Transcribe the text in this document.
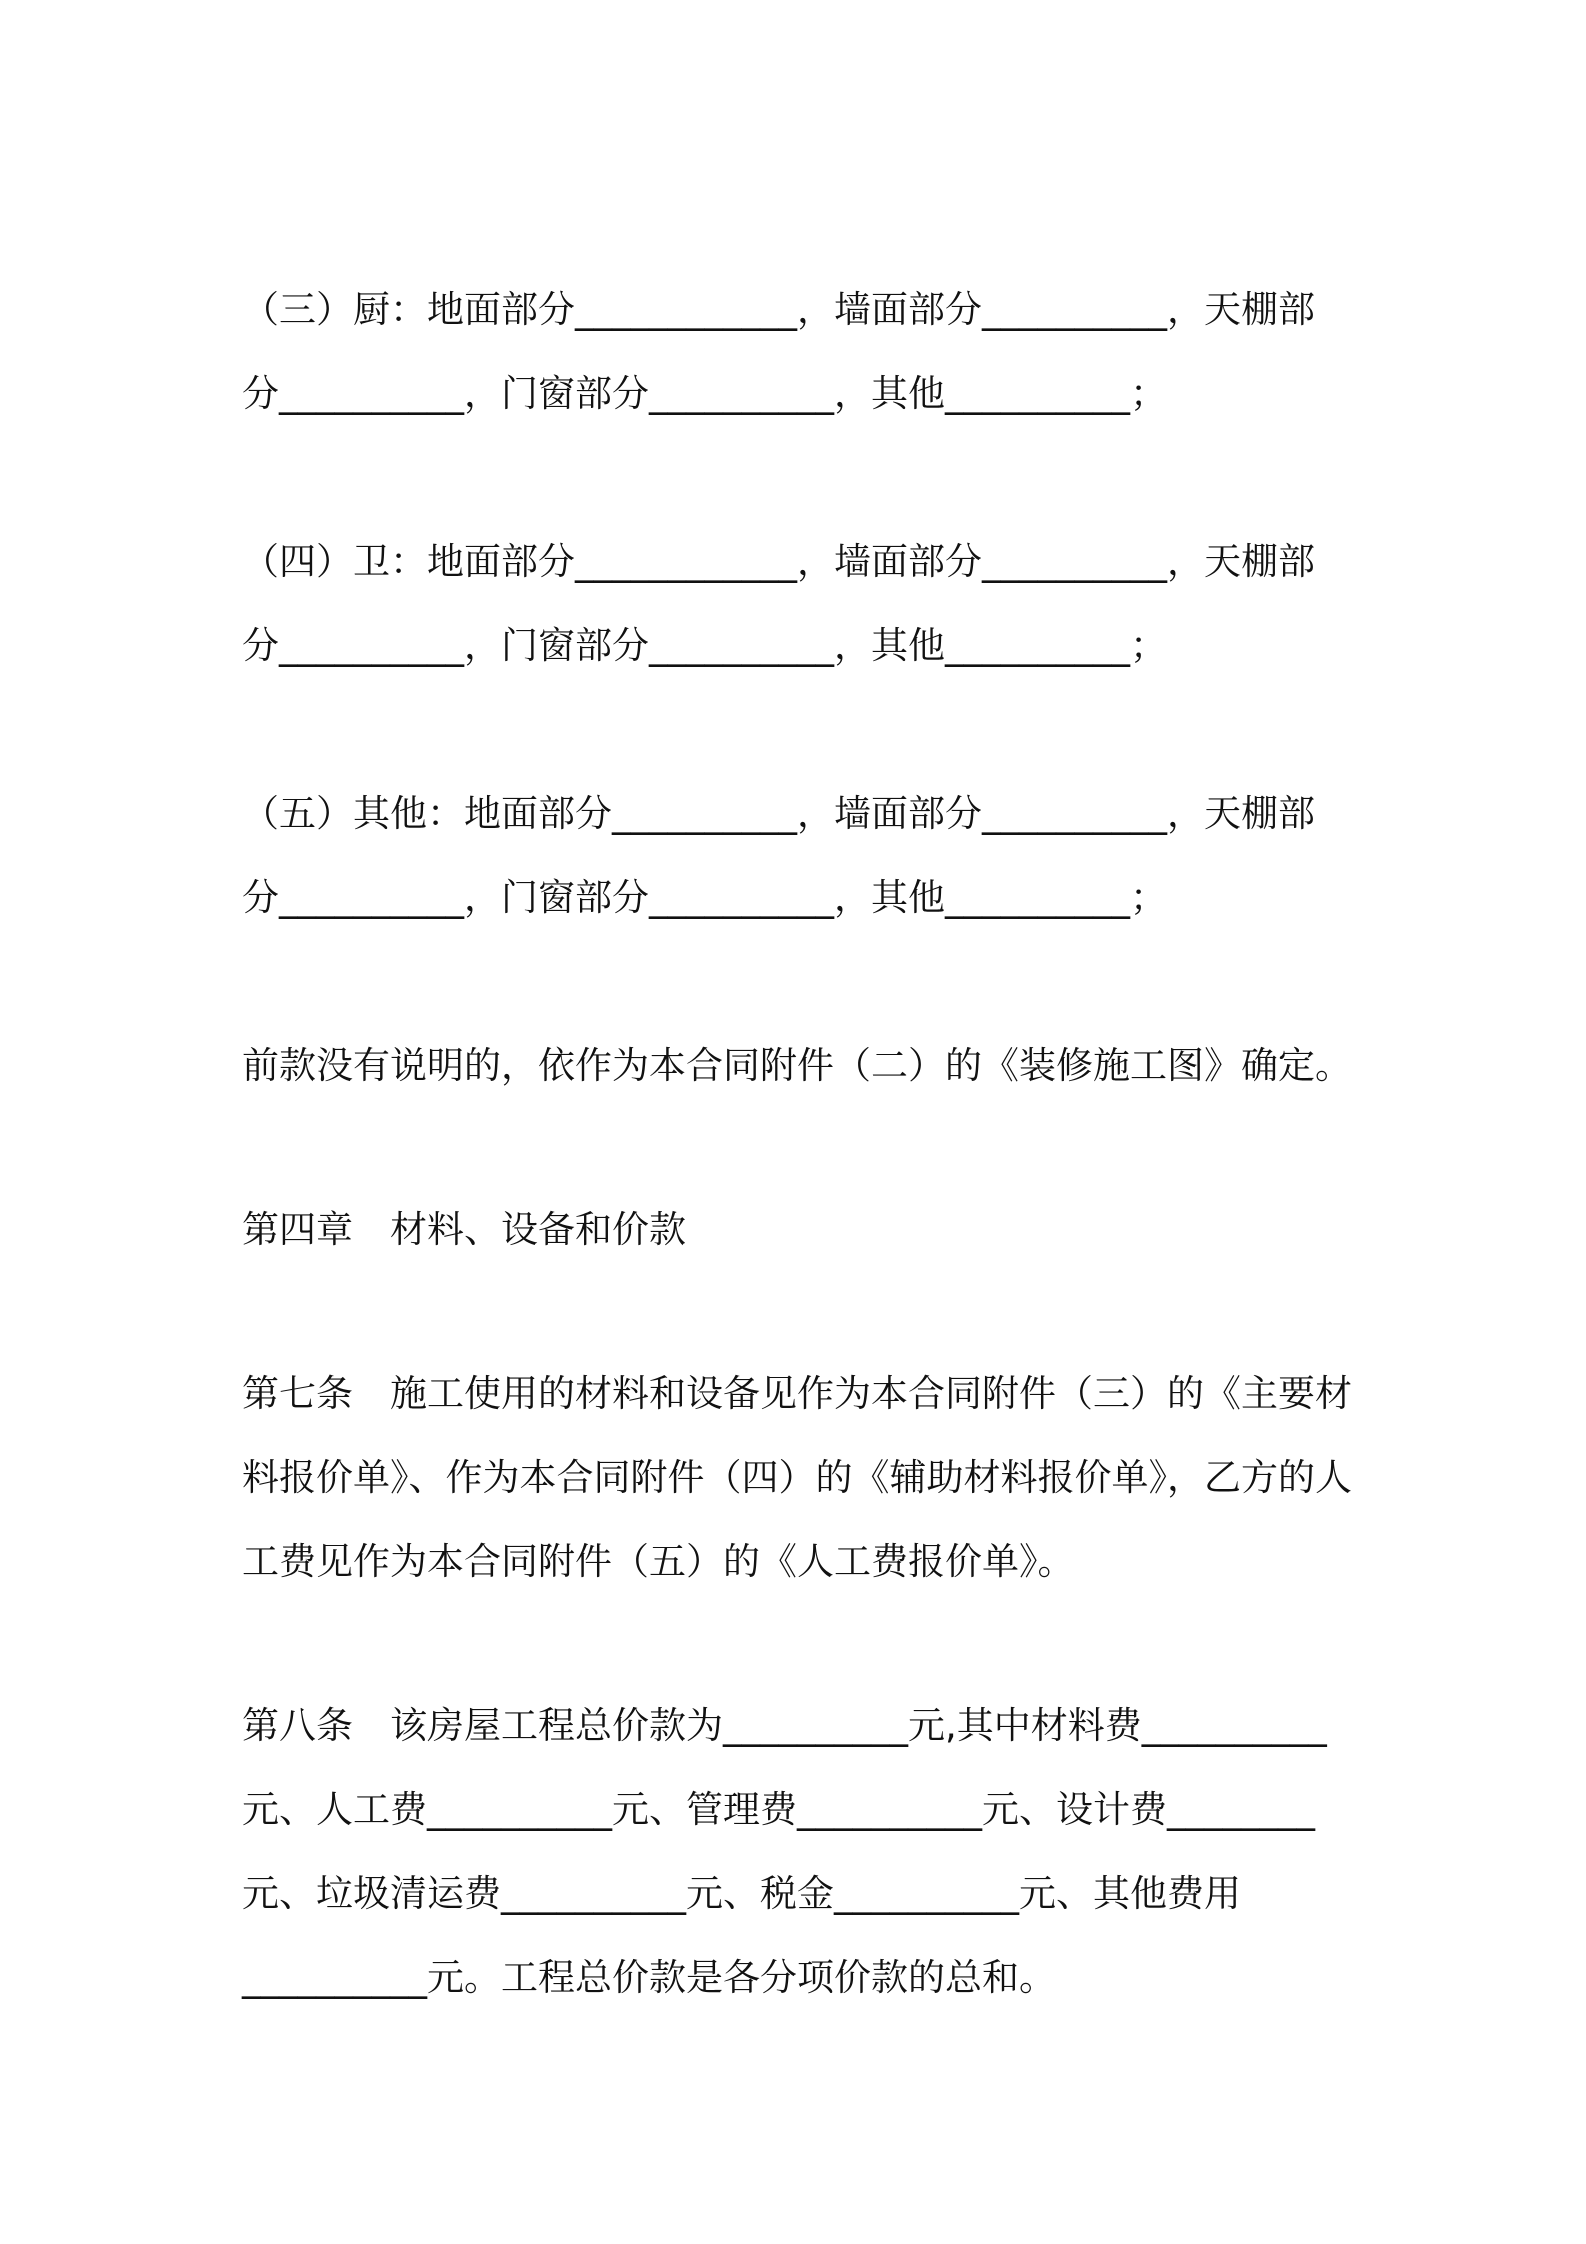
（三）厨：地面部分____________，墙面部分__________，天棚部
分__________，门窗部分__________，其他__________；

（四）卫：地面部分____________，墙面部分__________，天棚部
分__________，门窗部分__________，其他__________；

（五）其他：地面部分__________，墙面部分__________，天棚部
分__________，门窗部分__________，其他__________；

前款没有说明的，依作为本合同附件（二）的《装修施工图》确定。

第四章　材料、设备和价款

第七条　施工使用的材料和设备见作为本合同附件（三）的《主要材
料报价单》、作为本合同附件（四）的《辅助材料报价单》，乙方的人
工费见作为本合同附件（五）的《人工费报价单》。

第八条　该房屋工程总价款为__________元,其中材料费__________
元、人工费__________元、管理费__________元、设计费________
元、垃圾清运费__________元、税金__________元、其他费用
__________元。工程总价款是各分项价款的总和。
